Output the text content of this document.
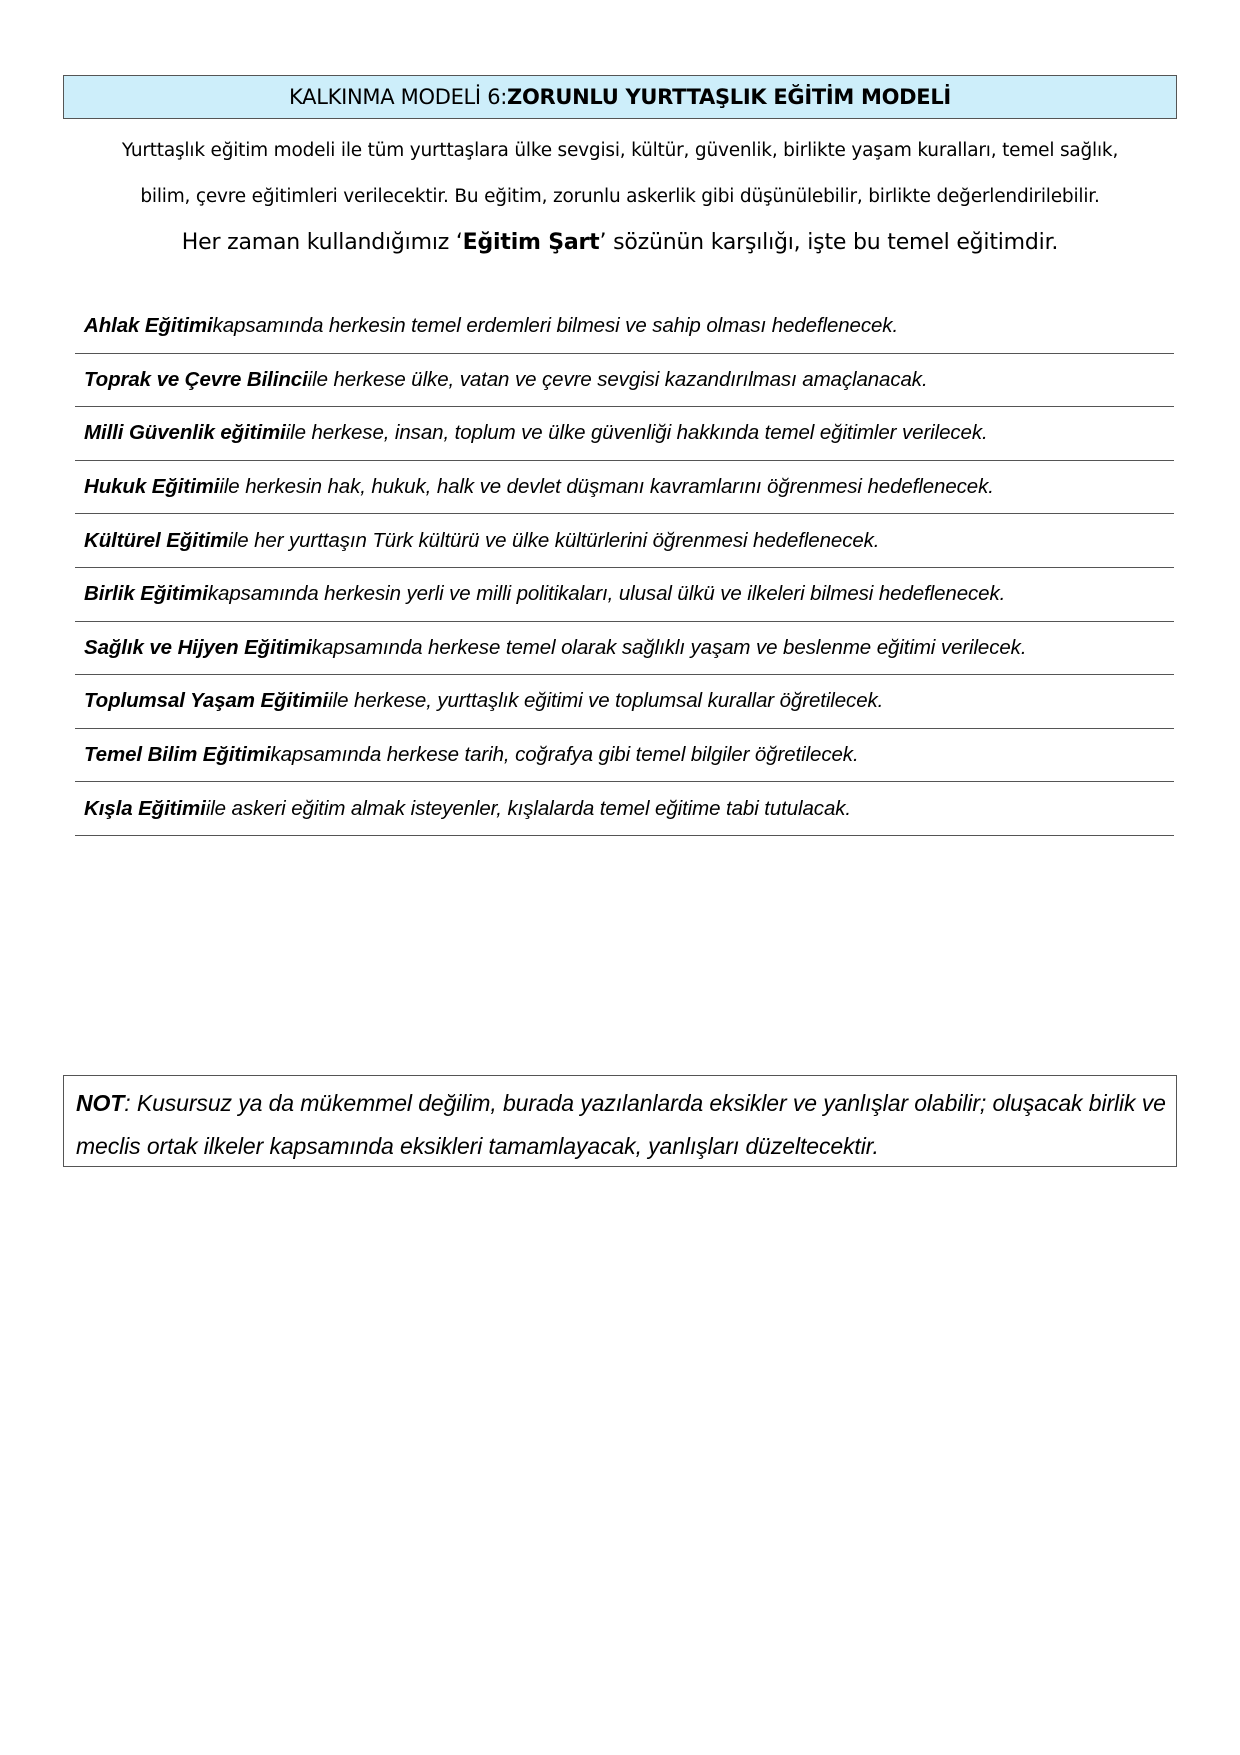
KALKINMA MODELİ 6: ZORUNLU YURTTAŞLIK EĞİTİM MODELİ
Yurttaşlık eğitim modeli ile tüm yurttaşlara ülke sevgisi, kültür, güvenlik, birlikte yaşam kuralları, temel sağlık,
bilim, çevre eğitimleri verilecektir. Bu eğitim, zorunlu askerlik gibi düşünülebilir, birlikte değerlendirilebilir.
Her zaman kullandığımız ‘Eğitim Şart’ sözünün karşılığı, işte bu temel eğitimdir.
Ahlak Eğitimi kapsamında herkesin temel erdemleri bilmesi ve sahip olması hedeflenecek.
Toprak ve Çevre Bilinci ile herkese ülke, vatan ve çevre sevgisi kazandırılması amaçlanacak.
Milli Güvenlik eğitimi ile herkese, insan, toplum ve ülke güvenliği hakkında temel eğitimler verilecek.
Hukuk Eğitimi ile herkesin hak, hukuk, halk ve devlet düşmanı kavramlarını öğrenmesi hedeflenecek.
Kültürel Eğitim ile her yurttaşın Türk kültürü ve ülke kültürlerini öğrenmesi hedeflenecek.
Birlik Eğitimi kapsamında herkesin yerli ve milli politikaları, ulusal ülkü ve ilkeleri bilmesi hedeflenecek.
Sağlık ve Hijyen Eğitimi kapsamında herkese temel olarak sağlıklı yaşam ve beslenme eğitimi verilecek.
Toplumsal Yaşam Eğitimi ile herkese, yurttaşlık eğitimi ve toplumsal kurallar öğretilecek.
Temel Bilim Eğitimi kapsamında herkese tarih, coğrafya gibi temel bilgiler öğretilecek.
Kışla Eğitimi ile askeri eğitim almak isteyenler, kışlalarda temel eğitime tabi tutulacak.
NOT: Kusursuz ya da mükemmel değilim, burada yazılanlarda eksikler ve yanlışlar olabilir; oluşacak birlik ve meclis ortak ilkeler kapsamında eksikleri tamamlayacak, yanlışları düzeltecektir.
